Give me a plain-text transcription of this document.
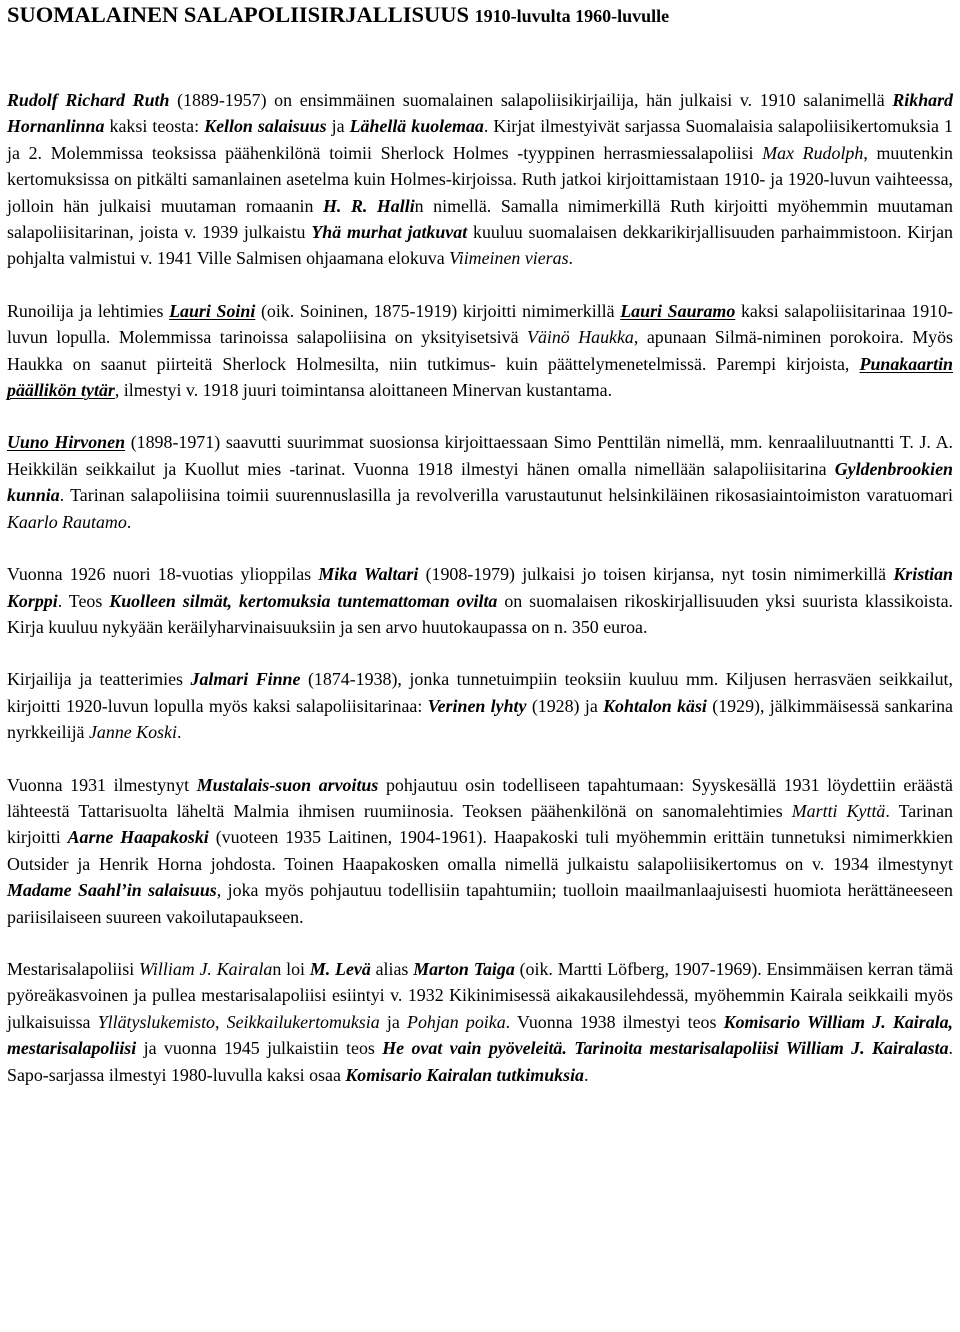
SUOMALAINEN SALAPOLIISIRJALLISUUS 1910-luvulta 1960-luvulle

Rudolf Richard Ruth (1889-1957) on ensimmäinen suomalainen salapoliisikirjailija, hän julkaisi v. 1910 salanimellä Rikhard Hornanlinna kaksi teosta: Kellon salaisuus ja Lähellä kuolemaa. Kirjat ilmestyivät sarjassa Suomalaisia salapoliisikertomuksia 1 ja 2. Molemmissa teoksissa päähenkilönä toimii Sherlock Holmes -tyyppinen herrasmiessalapoliisi Max Rudolph, muutenkin kertomuksissa on pitkälti samanlainen asetelma kuin Holmes-kirjoissa. Ruth jatkoi kirjoittamistaan 1910- ja 1920-luvun vaihteessa, jolloin hän julkaisi muutaman romaanin H. R. Hallin nimellä. Samalla nimimerkillä Ruth kirjoitti myöhemmin muutaman salapoliisitarinan, joista v. 1939 julkaistu Yhä murhat jatkuvat kuuluu suomalaisen dekkarikirjallisuuden parhaimmistoon. Kirjan pohjalta valmistui v. 1941 Ville Salmisen ohjaamana elokuva Viimeinen vieras.

Runoilija ja lehtimies Lauri Soini (oik. Soininen, 1875-1919) kirjoitti nimimerkillä Lauri Sauramo kaksi salapoliisitarinaa 1910-luvun lopulla. Molemmissa tarinoissa salapoliisina on yksityisetsivä Väinö Haukka, apunaan Silmä-niminen porokoira. Myös Haukka on saanut piirteitä Sherlock Holmesilta, niin tutkimus- kuin päättelymenetelmissä. Parempi kirjoista, Punakaartin päällikön tytär, ilmestyi v. 1918 juuri toimintansa aloittaneen Minervan kustantama.

Uuno Hirvonen (1898-1971) saavutti suurimmat suosionsa kirjoittaessaan Simo Penttilän nimellä, mm. kenraaliluutnantti T. J. A. Heikkilän seikkailut ja Kuollut mies -tarinat. Vuonna 1918 ilmestyi hänen omalla nimellään salapoliisitarina Gyldenbrookien kunnia. Tarinan salapoliisina toimii suurennuslasilla ja revolverilla varustautunut helsinkiläinen rikosasiaintoimiston varatuomari Kaarlo Rautamo.

Vuonna 1926 nuori 18-vuotias ylioppilas Mika Waltari (1908-1979) julkaisi jo toisen kirjansa, nyt tosin nimimerkillä Kristian Korppi. Teos Kuolleen silmät, kertomuksia tuntemattoman ovilta on suomalaisen rikoskirjallisuuden yksi suurista klassikoista. Kirja kuuluu nykyään keräilyharvinaisuuksiin ja sen arvo huutokaupassa on n. 350 euroa.

Kirjailija ja teatterimies Jalmari Finne (1874-1938), jonka tunnetuimpiin teoksiin kuuluu mm. Kiljusen herrasväen seikkailut, kirjoitti 1920-luvun lopulla myös kaksi salapoliisitarinaa: Verinen lyhty (1928) ja Kohtalon käsi (1929), jälkimmäisessä sankarina nyrkkeilijä Janne Koski.

Vuonna 1931 ilmestynyt Mustalais-suon arvoitus pohjautuu osin todelliseen tapahtumaan: Syyskesällä 1931 löydettiin eräästä lähteestä Tattarisuolta läheltä Malmia ihmisen ruumiinosia. Teoksen päähenkilönä on sanomalehtimies Martti Kyttä. Tarinan kirjoitti Aarne Haapakoski (vuoteen 1935 Laitinen, 1904-1961). Haapakoski tuli myöhemmin erittäin tunnetuksi nimimerkkien Outsider ja Henrik Horna johdosta. Toinen Haapakosken omalla nimellä julkaistu salapoliisikertomus on v. 1934 ilmestynyt Madame Saahl’in salaisuus, joka myös pohjautuu todellisiin tapahtumiin; tuolloin maailmanlaajuisesti huomiota herättäneeseen pariisilaiseen suureen vakoilutapaukseen.

Mestarisalapoliisi William J. Kairalan loi M. Levä alias Marton Taiga (oik. Martti Löfberg, 1907-1969). Ensimmäisen kerran tämä pyöreäkasvoinen ja pullea mestarisalapoliisi esiintyi v. 1932 Kikinimisessä aikakausilehdessä, myöhemmin Kairala seikkaili myös julkaisuissa Yllätyslukemisto, Seikkailukertomuksia ja Pohjan poika. Vuonna 1938 ilmestyi teos Komisario William J. Kairala, mestarisalapoliisi ja vuonna 1945 julkaistiin teos He ovat vain pyöveleitä. Tarinoita mestarisalapoliisi William J. Kairalasta. Sapo-sarjassa ilmestyi 1980-luvulla kaksi osaa Komisario Kairalan tutkimuksia.
